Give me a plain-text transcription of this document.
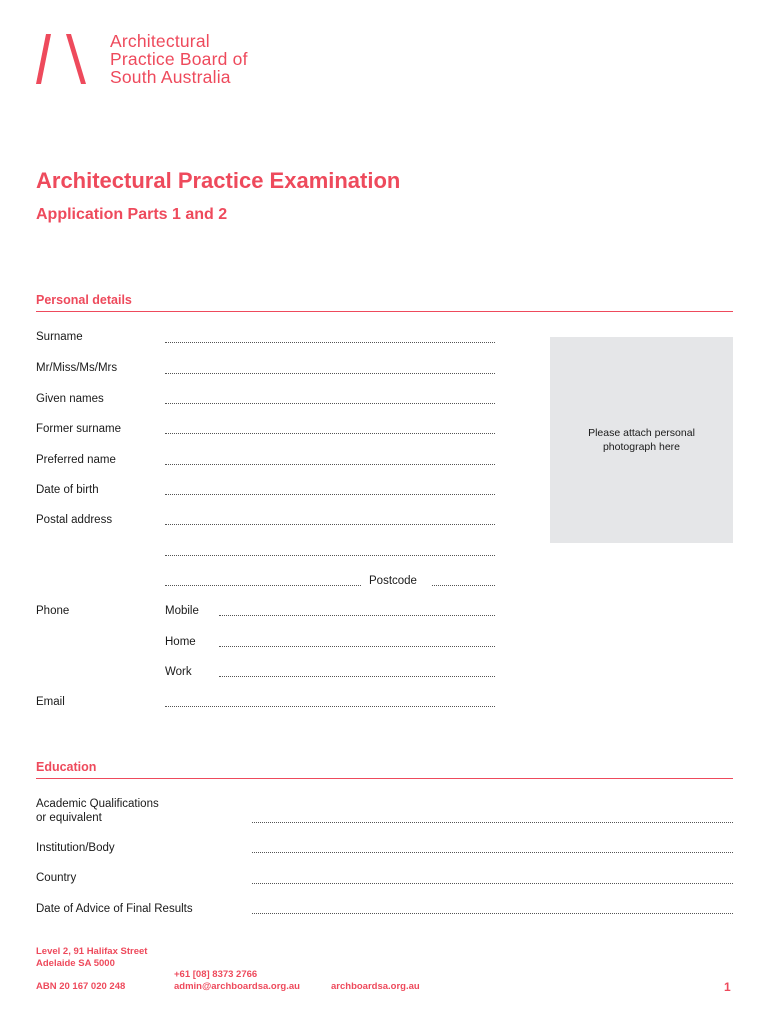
Architectural
Practice Board of
South Australia
Architectural Practice Examination
Application Parts 1 and 2
Personal details
Surname
Mr/Miss/Ms/Mrs
Given names
Former surname
Preferred name
Date of birth
Postal address
Postcode
Phone	Mobile
Home
Work
Email
Please attach personal photograph here
Education
Academic Qualifications
or equivalent
Institution/Body
Country
Date of Advice of Final Results
Level 2, 91 Halifax Street
Adelaide SA 5000
ABN 20 167 020 248
+61 [08] 8373 2766
admin@archboardsa.org.au	archboardsa.org.au	1
